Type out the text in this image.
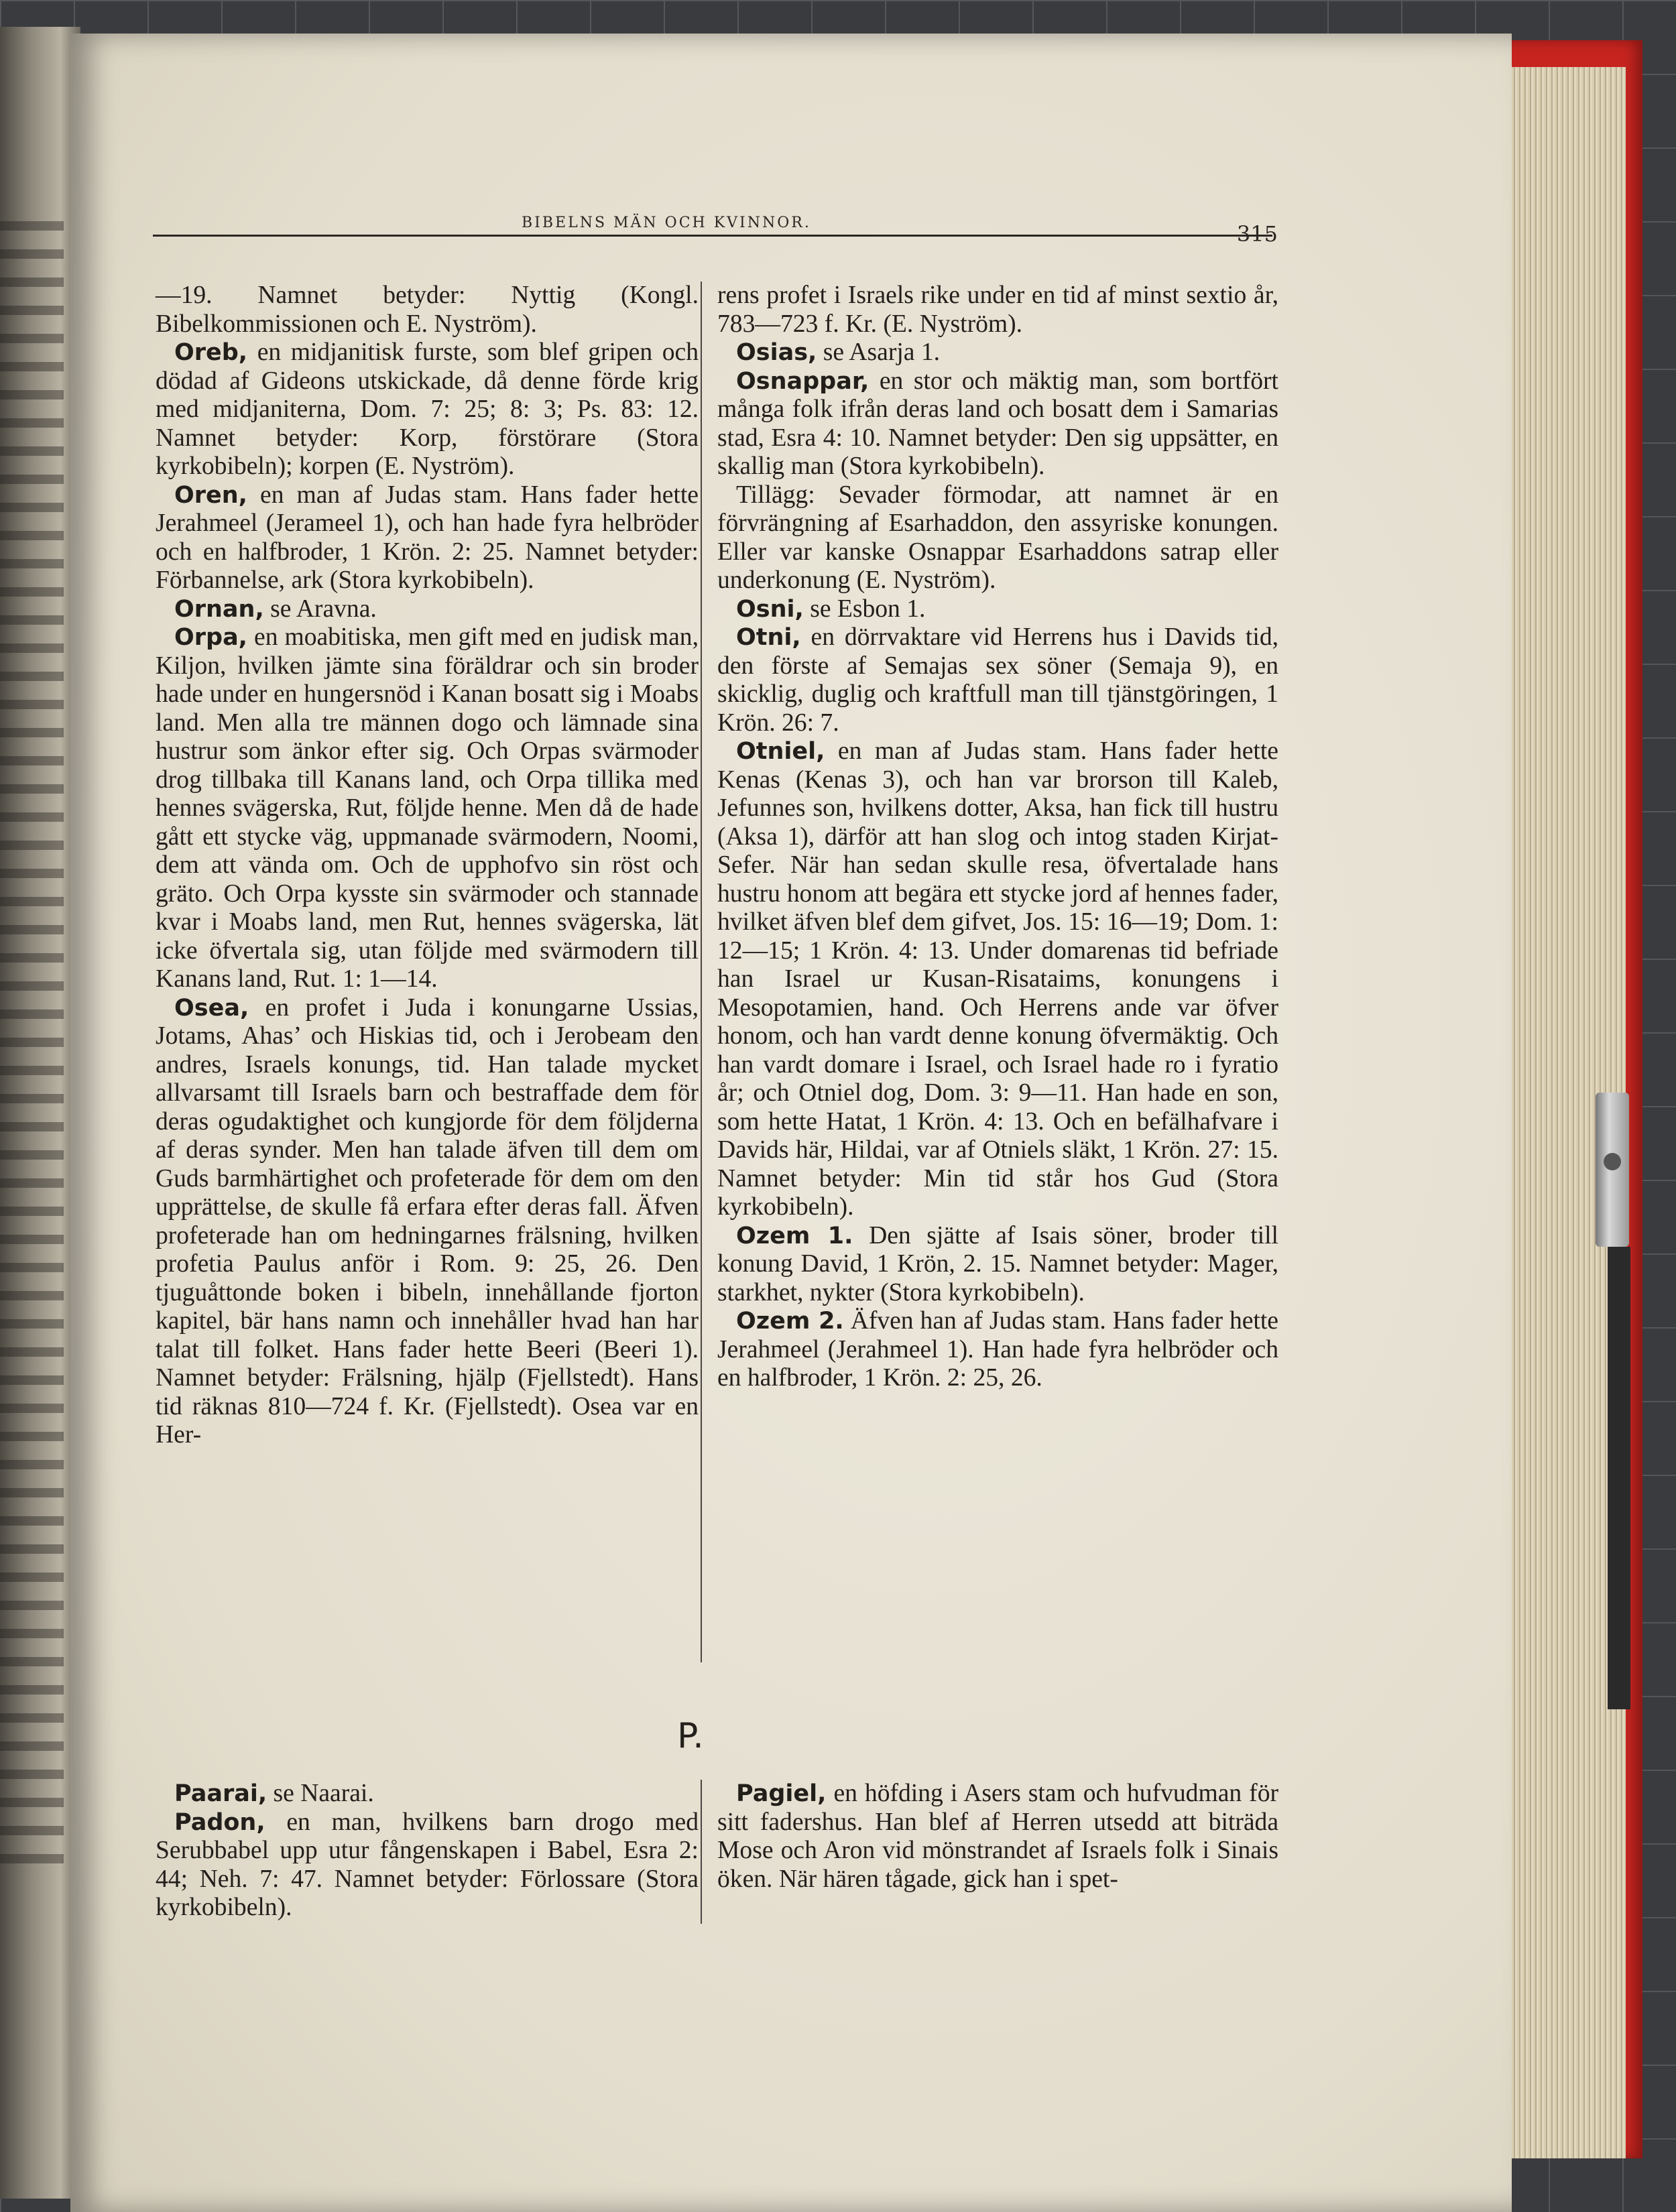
BIBELNS MÄN OCH KVINNOR.	315

—19. Namnet betyder: Nyttig (Kongl. Bibelkommissionen och E. Nyström).

Oreb, en midjanitisk furste, som blef gripen och dödad af Gideons utskickade, då denne förde krig med midjaniterna, Dom. 7: 25; 8: 3; Ps. 83: 12. Namnet betyder: Korp, förstörare (Stora kyrkobibeln); korpen (E. Nyström).

Oren, en man af Judas stam. Hans fader hette Jerahmeel (Jerameel 1), och han hade fyra helbröder och en halfbroder, 1 Krön. 2: 25. Namnet betyder: Förbannelse, ark (Stora kyrkobibeln).

Ornan, se Aravna.

Orpa, en moabitiska, men gift med en judisk man, Kiljon, hvilken jämte sina föräldrar och sin broder hade under en hungersnöd i Kanan bosatt sig i Moabs land. Men alla tre männen dogo och lämnade sina hustrur som änkor efter sig. Och Orpas svärmoder drog tillbaka till Kanans land, och Orpa tillika med hennes svägerska, Rut, följde henne. Men då de hade gått ett stycke väg, uppmanade svärmodern, Noomi, dem att vända om. Och de upphofvo sin röst och gräto. Och Orpa kysste sin svärmoder och stannade kvar i Moabs land, men Rut, hennes svägerska, lät icke öfvertala sig, utan följde med svärmodern till Kanans land, Rut. 1: 1—14.

Osea, en profet i Juda i konungarne Ussias, Jotams, Ahas’ och Hiskias tid, och i Jerobeam den andres, Israels konungs, tid. Han talade mycket allvarsamt till Israels barn och bestraffade dem för deras ogudaktighet och kungjorde för dem följderna af deras synder. Men han talade äfven till dem om Guds barmhärtighet och profeterade för dem om den upprättelse, de skulle få erfara efter deras fall. Äfven profeterade han om hedningarnes frälsning, hvilken profetia Paulus anför i Rom. 9: 25, 26. Den tjuguåttonde boken i bibeln, innehållande fjorton kapitel, bär hans namn och innehåller hvad han har talat till folket. Hans fader hette Beeri (Beeri 1). Namnet betyder: Frälsning, hjälp (Fjellstedt). Hans tid räknas 810—724 f. Kr. (Fjellstedt). Osea var en Her-

rens profet i Israels rike under en tid af minst sextio år, 783—723 f. Kr. (E. Nyström).

Osias, se Asarja 1.

Osnappar, en stor och mäktig man, som bortfört många folk ifrån deras land och bosatt dem i Samarias stad, Esra 4: 10. Namnet betyder: Den sig uppsätter, en skallig man (Stora kyrkobibeln).

Tillägg: Sevader förmodar, att namnet är en förvrängning af Esarhaddon, den assyriske konungen. Eller var kanske Osnappar Esarhaddons satrap eller underkonung (E. Nyström).

Osni, se Esbon 1.

Otni, en dörrvaktare vid Herrens hus i Davids tid, den förste af Semajas sex söner (Semaja 9), en skicklig, duglig och kraftfull man till tjänstgöringen, 1 Krön. 26: 7.

Otniel, en man af Judas stam. Hans fader hette Kenas (Kenas 3), och han var brorson till Kaleb, Jefunnes son, hvilkens dotter, Aksa, han fick till hustru (Aksa 1), därför att han slog och intog staden Kirjat-Sefer. När han sedan skulle resa, öfvertalade hans hustru honom att begära ett stycke jord af hennes fader, hvilket äfven blef dem gifvet, Jos. 15: 16—19; Dom. 1: 12—15; 1 Krön. 4: 13. Under domarenas tid befriade han Israel ur Kusan-Risataims, konungens i Mesopotamien, hand. Och Herrens ande var öfver honom, och han vardt denne konung öfvermäktig. Och han vardt domare i Israel, och Israel hade ro i fyratio år; och Otniel dog, Dom. 3: 9—11. Han hade en son, som hette Hatat, 1 Krön. 4: 13. Och en befälhafvare i Davids här, Hildai, var af Otniels släkt, 1 Krön. 27: 15. Namnet betyder: Min tid står hos Gud (Stora kyrkobibeln).

Ozem 1. Den sjätte af Isais söner, broder till konung David, 1 Krön, 2. 15. Namnet betyder: Mager, starkhet, nykter (Stora kyrkobibeln).

Ozem 2. Äfven han af Judas stam. Hans fader hette Jerahmeel (Jerahmeel 1). Han hade fyra helbröder och en halfbroder, 1 Krön. 2: 25, 26.

P.

Paarai, se Naarai.

Padon, en man, hvilkens barn drogo med Serubbabel upp utur fångenskapen i Babel, Esra 2: 44; Neh. 7: 47. Namnet betyder: Förlossare (Stora kyrkobibeln).

Pagiel, en höfding i Asers stam och hufvudman för sitt fadershus. Han blef af Herren utsedd att biträda Mose och Aron vid mönstrandet af Israels folk i Sinais öken. När hären tågade, gick han i spet-
